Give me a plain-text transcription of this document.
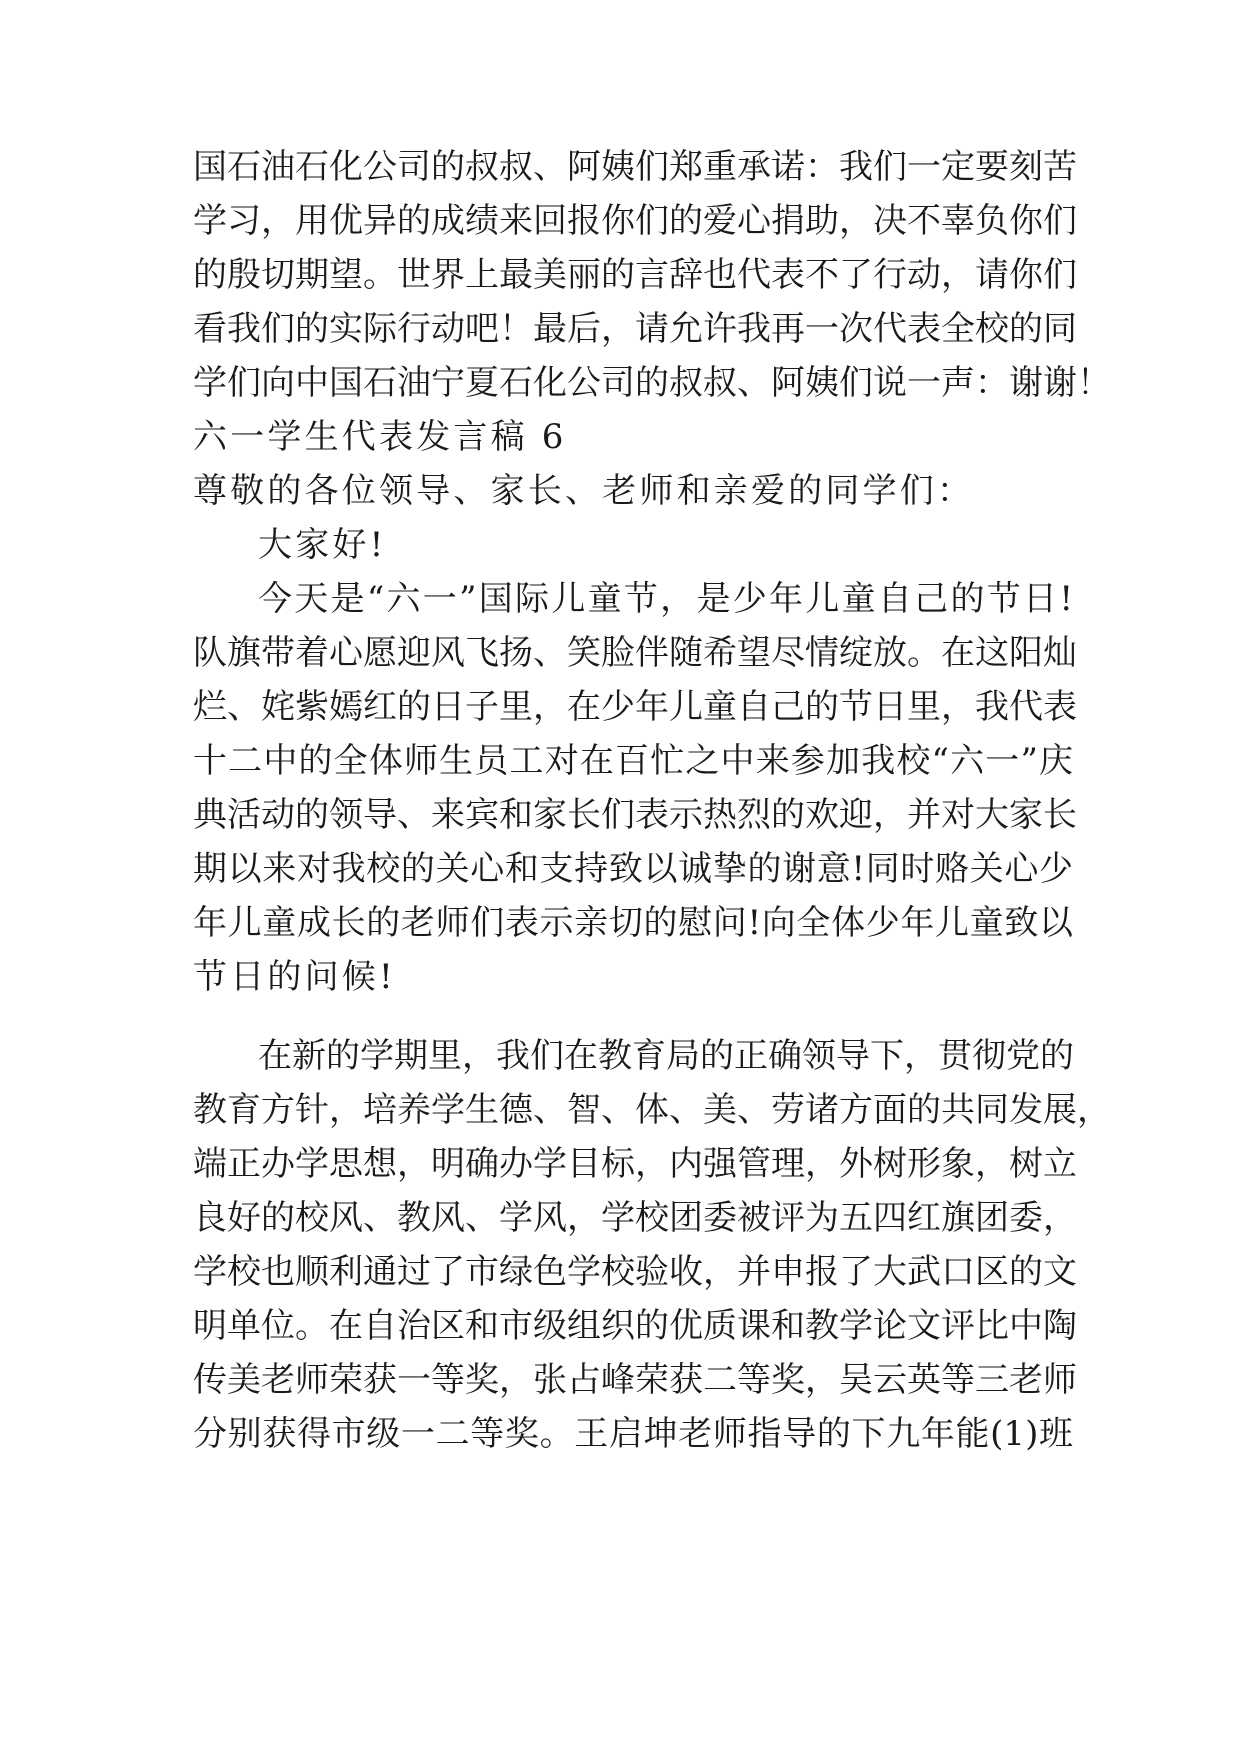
国石油石化公司的叔叔、阿姨们郑重承诺：我们一定要刻苦
学习，用优异的成绩来回报你们的爱心捐助，决不辜负你们
的殷切期望。世界上最美丽的言辞也代表不了行动，请你们
看我们的实际行动吧！最后，请允许我再一次代表全校的同
学们向中国石油宁夏石化公司的叔叔、阿姨们说一声：谢谢！
六一学生代表发言稿 6
尊敬的各位领导、家长、老师和亲爱的同学们：
大家好!
今天是“六一”国际儿童节，是少年儿童自己的节日!
队旗带着心愿迎风飞扬、笑脸伴随希望尽情绽放。在这阳灿
烂、姹紫嫣红的日子里，在少年儿童自己的节日里，我代表
十二中的全体师生员工对在百忙之中来参加我校“六一”庆
典活动的领导、来宾和家长们表示热烈的欢迎，并对大家长
期以来对我校的关心和支持致以诚挚的谢意!同时赂关心少
年儿童成长的老师们表示亲切的慰问!向全体少年儿童致以
节日的问候!
在新的学期里，我们在教育局的正确领导下，贯彻党的
教育方针，培养学生德、智、体、美、劳诸方面的共同发展，
端正办学思想，明确办学目标，内强管理，外树形象，树立
良好的校风、教风、学风，学校团委被评为五四红旗团委，
学校也顺利通过了市绿色学校验收，并申报了大武口区的文
明单位。在自治区和市级组织的优质课和教学论文评比中陶
传美老师荣获一等奖，张占峰荣获二等奖，吴云英等三老师
分别获得市级一二等奖。王启坤老师指导的下九年能(1)班
